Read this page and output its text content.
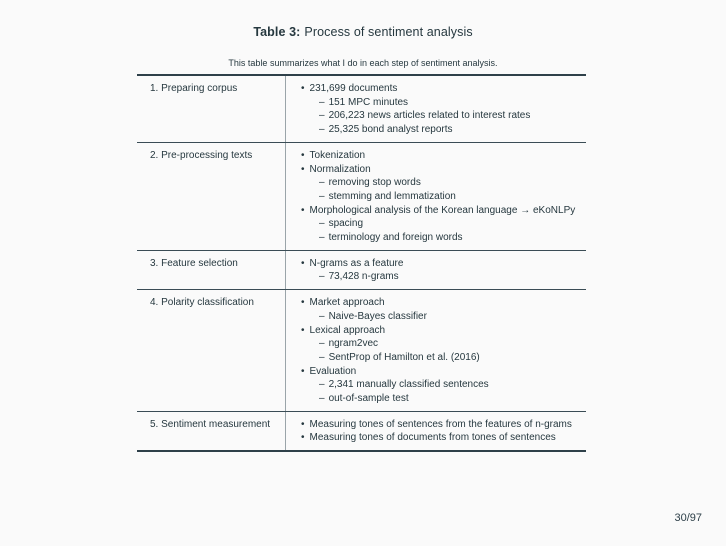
Table 3: Process of sentiment analysis
This table summarizes what I do in each step of sentiment analysis.
1. Preparing corpus	• 231,699 documents
– 151 MPC minutes
– 206,223 news articles related to interest rates
– 25,325 bond analyst reports
2. Pre-processing texts	• Tokenization
• Normalization
– removing stop words
– stemming and lemmatization
• Morphological analysis of the Korean language → eKoNLPy
– spacing
– terminology and foreign words
3. Feature selection	• N-grams as a feature
– 73,428 n-grams
4. Polarity classification	• Market approach
– Naive-Bayes classifier
• Lexical approach
– ngram2vec
– SentProp of Hamilton et al. (2016)
• Evaluation
– 2,341 manually classified sentences
– out-of-sample test
5. Sentiment measurement	• Measuring tones of sentences from the features of n-grams
• Measuring tones of documents from tones of sentences
30/97
